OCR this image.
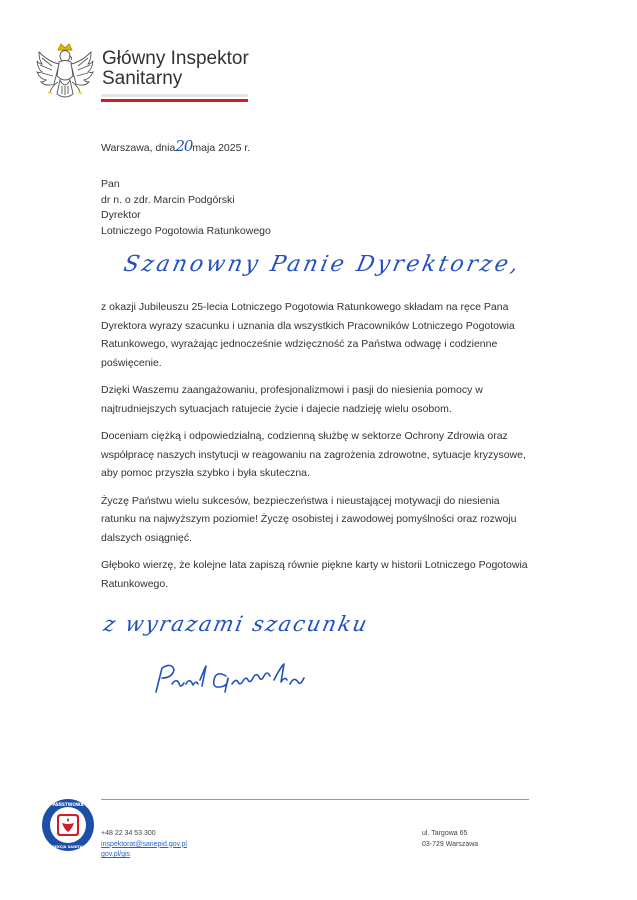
Główny Inspektor
Sanitarny
Warszawa, dnia20maja 2025 r.
Pan
dr n. o zdr. Marcin Podgórski
Dyrektor
Lotniczego Pogotowia Ratunkowego
Szanowny Panie Dyrektorze,

z okazji Jubileuszu 25-lecia Lotniczego Pogotowia Ratunkowego składam na ręce Pana Dyrektora wyrazy szacunku i uznania dla wszystkich Pracowników Lotniczego Pogotowia Ratunkowego, wyrażając jednocześnie wdzięczność za Państwa odwagę i codzienne poświęcenie.

Dzięki Waszemu zaangażowaniu, profesjonalizmowi i pasji do niesienia pomocy w najtrudniejszych sytuacjach ratujecie życie i dajecie nadzieję wielu osobom.

Doceniam ciężką i odpowiedzialną, codzienną służbę w sektorze Ochrony Zdrowia oraz współpracę naszych instytucji w reagowaniu na zagrożenia zdrowotne, sytuacje kryzysowe, aby pomoc przyszła szybko i była skuteczna.

Życzę Państwu wielu sukcesów, bezpieczeństwa i nieustającej motywacji do niesienia ratunku na najwyższym poziomie! Życzę osobistej i zawodowej pomyślności oraz rozwoju dalszych osiągnięć.

Głęboko wierzę, że kolejne lata zapiszą równie piękne karty w historii Lotniczego Pogotowia Ratunkowego.

z wyrazami szacunku
PAŃSTWOWA
INSPEKCJA SANITARNA
+48 22 34 53 300
inspektorat@sanepid.gov.pl
gov.pl/gis
ul. Targowa 65
03-729 Warszawa
